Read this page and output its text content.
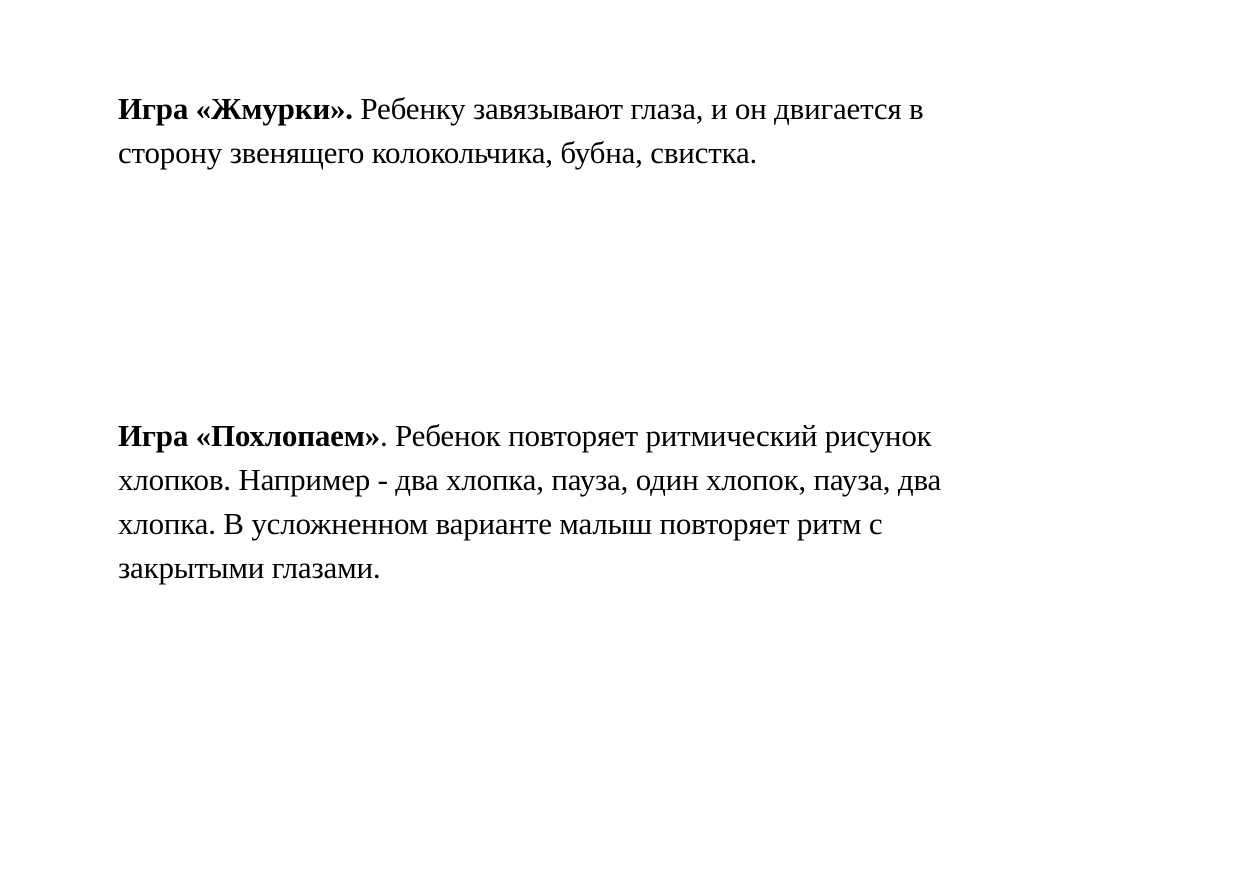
Игра «Жмурки». Ребенку завязывают глаза, и он двигается в
сторону звенящего колокольчика, бубна, свистка.

Игра «Похлопаем». Ребенок повторяет ритмический рисунок
хлопков. Например - два хлопка, пауза, один хлопок, пауза, два
хлопка. В усложненном варианте малыш повторяет ритм с
закрытыми глазами.
